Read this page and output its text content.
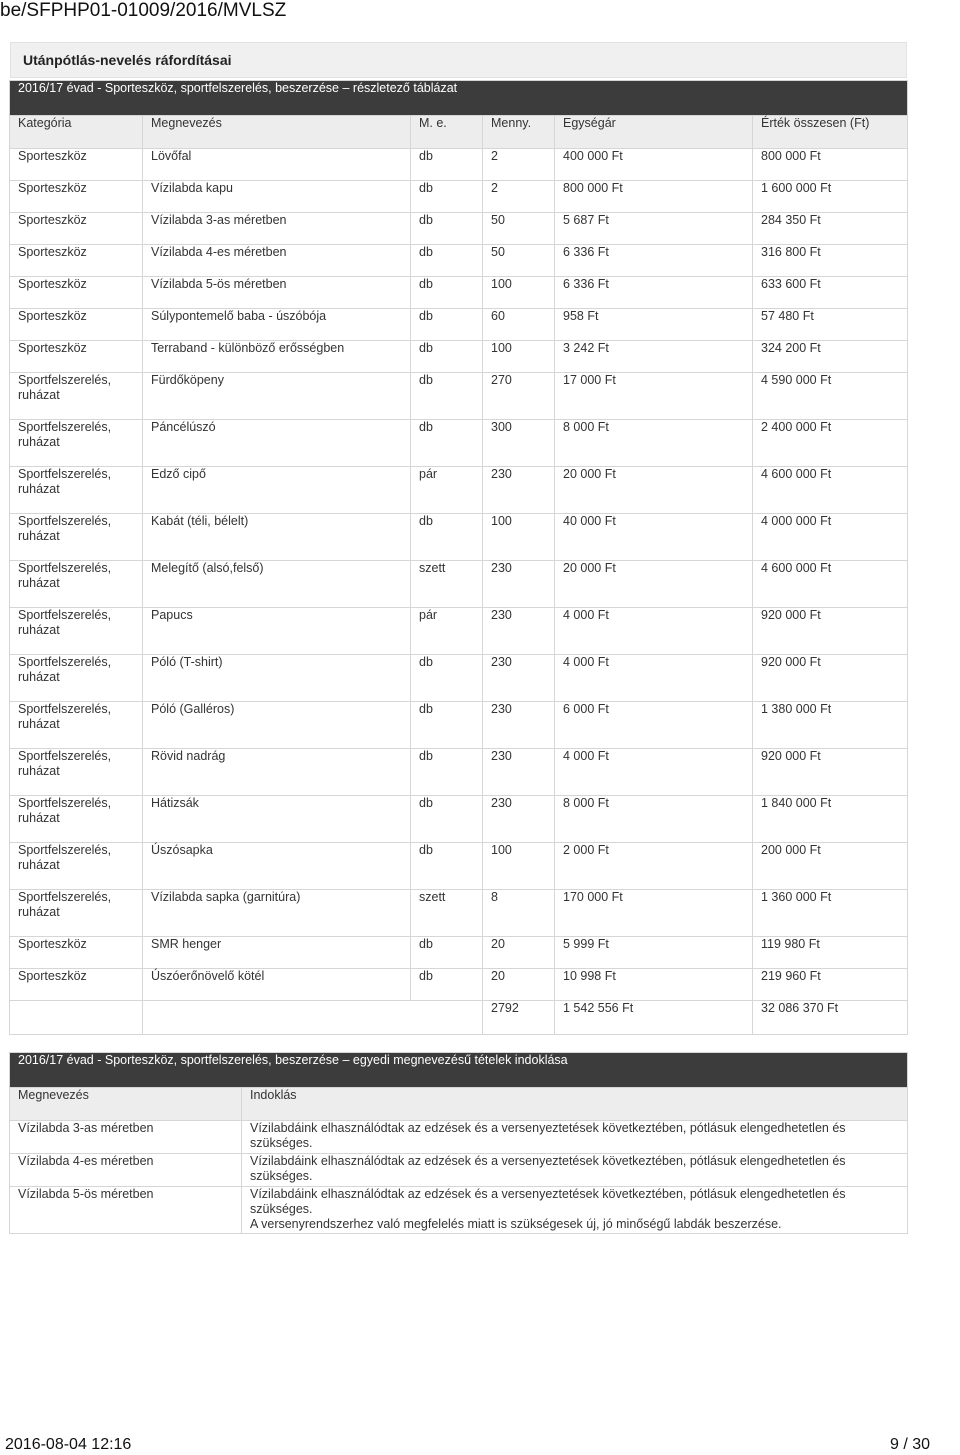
be/SFPHP01-01009/2016/MVLSZ
Utánpótlás-nevelés ráfordításai
2016/17 évad - Sporteszköz, sportfelszerelés, beszerzése – részletező táblázat					
Kategória	Megnevezés	M. e.	Menny.	Egységár	Érték összesen (Ft)
Sporteszköz	Lövőfal	db	2	400 000 Ft	800 000 Ft
Sporteszköz	Vízilabda kapu	db	2	800 000 Ft	1 600 000 Ft
Sporteszköz	Vízilabda 3-as méretben	db	50	5 687 Ft	284 350 Ft
Sporteszköz	Vízilabda 4-es méretben	db	50	6 336 Ft	316 800 Ft
Sporteszköz	Vízilabda 5-ös méretben	db	100	6 336 Ft	633 600 Ft
Sporteszköz	Súlypontemelő baba - úszóbója	db	60	958 Ft	57 480 Ft
Sporteszköz	Terraband - különböző erősségben	db	100	3 242 Ft	324 200 Ft
Sportfelszerelés,
ruházat	Fürdőköpeny	db	270	17 000 Ft	4 590 000 Ft
Sportfelszerelés,
ruházat	Páncélúszó	db	300	8 000 Ft	2 400 000 Ft
Sportfelszerelés,
ruházat	Edző cipő	pár	230	20 000 Ft	4 600 000 Ft
Sportfelszerelés,
ruházat	Kabát (téli, bélelt)	db	100	40 000 Ft	4 000 000 Ft
Sportfelszerelés,
ruházat	Melegítő (alsó,felső)	szett	230	20 000 Ft	4 600 000 Ft
Sportfelszerelés,
ruházat	Papucs	pár	230	4 000 Ft	920 000 Ft
Sportfelszerelés,
ruházat	Póló (T-shirt)	db	230	4 000 Ft	920 000 Ft
Sportfelszerelés,
ruházat	Póló (Galléros)	db	230	6 000 Ft	1 380 000 Ft
Sportfelszerelés,
ruházat	Rövid nadrág	db	230	4 000 Ft	920 000 Ft
Sportfelszerelés,
ruházat	Hátizsák	db	230	8 000 Ft	1 840 000 Ft
Sportfelszerelés,
ruházat	Úszósapka	db	100	2 000 Ft	200 000 Ft
Sportfelszerelés,
ruházat	Vízilabda sapka (garnitúra)	szett	8	170 000 Ft	1 360 000 Ft
Sporteszköz	SMR henger	db	20	5 999 Ft	119 980 Ft
Sporteszköz	Úszóerőnövelő kötél	db	20	10 998 Ft	219 960 Ft
			2792	1 542 556 Ft	32 086 370 Ft
2016/17 évad - Sporteszköz, sportfelszerelés, beszerzése – egyedi megnevezésű tételek indoklása	
Megnevezés	Indoklás
Vízilabda 3-as méretben	Vízilabdáink elhasználódtak az edzések és a versenyeztetések következtében, pótlásuk elengedhetetlen és szükséges.
Vízilabda 4-es méretben	Vízilabdáink elhasználódtak az edzések és a versenyeztetések következtében, pótlásuk elengedhetetlen és szükséges.
Vízilabda 5-ös méretben	Vízilabdáink elhasználódtak az edzések és a versenyeztetések következtében, pótlásuk elengedhetetlen és szükséges.
A versenyrendszerhez való megfelelés miatt is szükségesek új, jó minőségű labdák beszerzése.
2016-08-04 12:16	9 / 30
